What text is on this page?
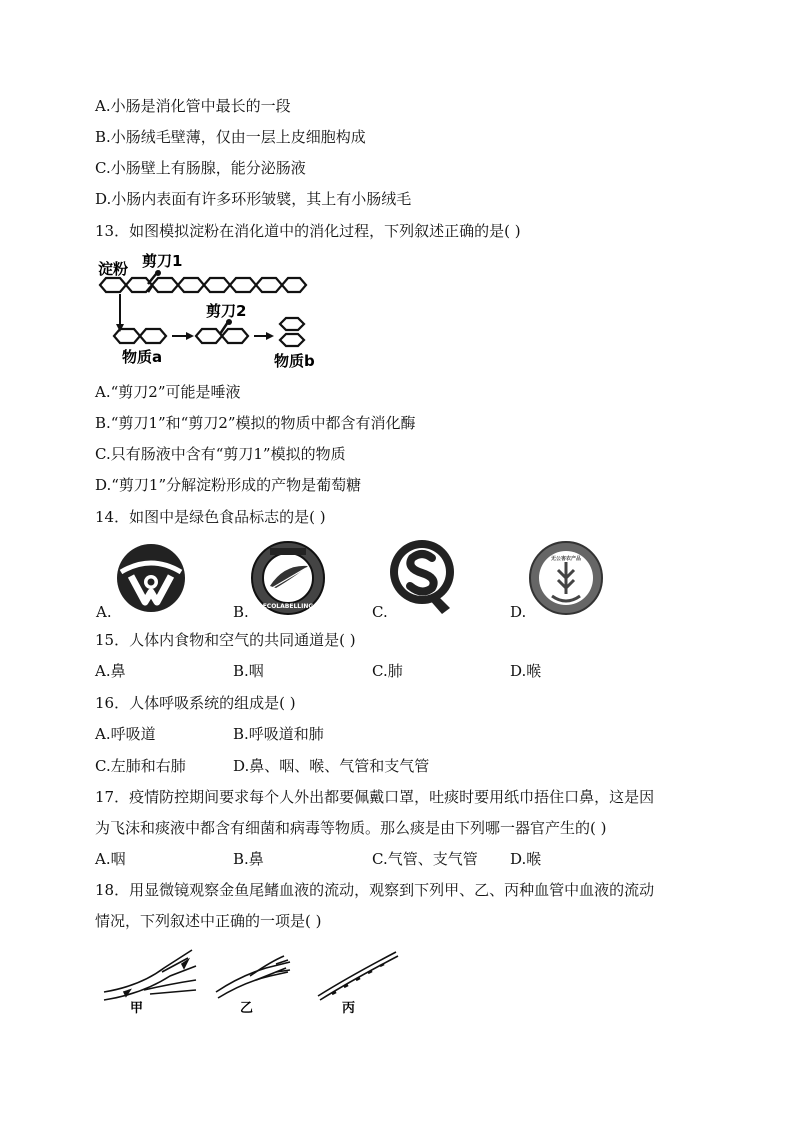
A.小肠是消化管中最长的一段
B.小肠绒毛壁薄，仅由一层上皮细胞构成
C.小肠壁上有肠腺，能分泌肠液
D.小肠内表面有许多环形皱襞，其上有小肠绒毛
13．如图模拟淀粉在消化道中的消化过程，下列叙述正确的是( )
淀粉 剪刀1
剪刀2
物质a	物质b
A.“剪刀2”可能是唾液
B.“剪刀1”和“剪刀2”模拟的物质中都含有消化酶
C.只有肠液中含有“剪刀1”模拟的物质
D.“剪刀1”分解淀粉形成的产物是葡萄糖
14．如图中是绿色食品标志的是( )
A.	ECOLABELLING
B.	C.
无公害农产品
D.
15．人体内食物和空气的共同通道是( )
A.鼻	B.咽	C.肺	D.喉
16．人体呼吸系统的组成是( )
A.呼吸道	B.呼吸道和肺
C.左肺和右肺	D.鼻、咽、喉、气管和支气管
17．疫情防控期间要求每个人外出都要佩戴口罩，吐痰时要用纸巾捂住口鼻，这是因
为飞沫和痰液中都含有细菌和病毒等物质。那么痰是由下列哪一器官产生的( )
A.咽	B.鼻	C.气管、支气管 D.喉
18．用显微镜观察金鱼尾鳍血液的流动，观察到下列甲、乙、丙种血管中血液的流动
情况，下列叙述中正确的一项是( )
甲	乙	丙
